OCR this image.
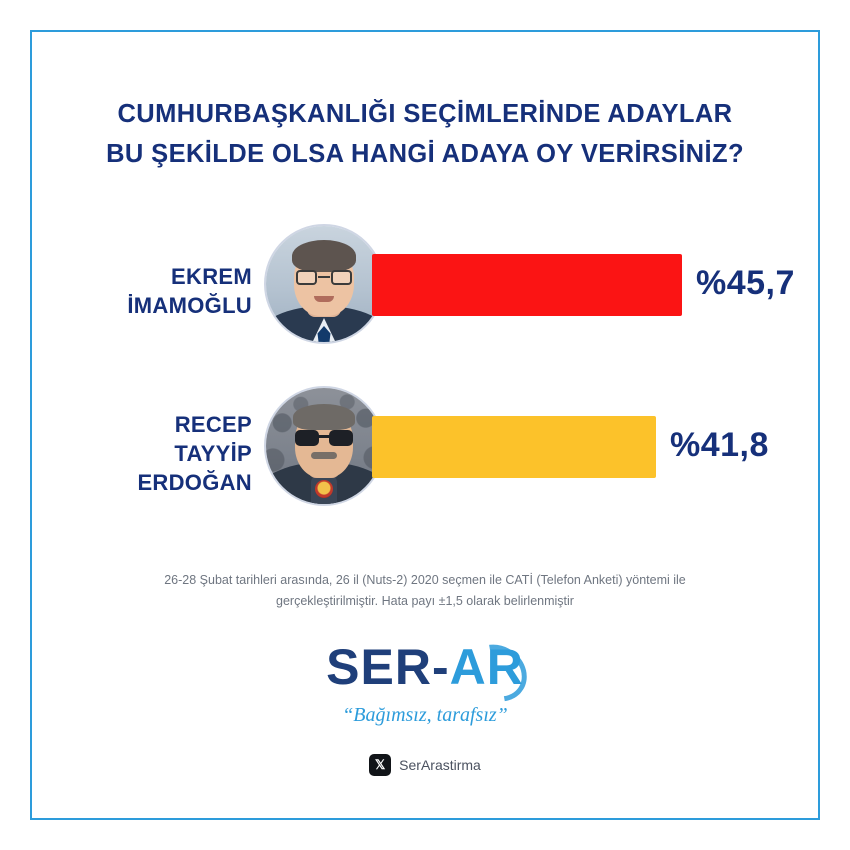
CUMHURBAŞKANLIĞI SEÇİMLERİNDE ADAYLAR
BU ŞEKİLDE OLSA HANGİ ADAYA OY VERİRSİNİZ?
EKREM
İMAMOĞLU
%45,7
RECEP
TAYYİP
ERDOĞAN
%41,8
26-28 Şubat tarihleri arasında, 26 il (Nuts-2) 2020 seçmen ile CATİ (Telefon Anketi) yöntemi ile
gerçekleştirilmiştir. Hata payı ±1,5 olarak belirlenmiştir
SER-AR
“Bağımsız, tarafsız”
𝕏 SerArastirma
